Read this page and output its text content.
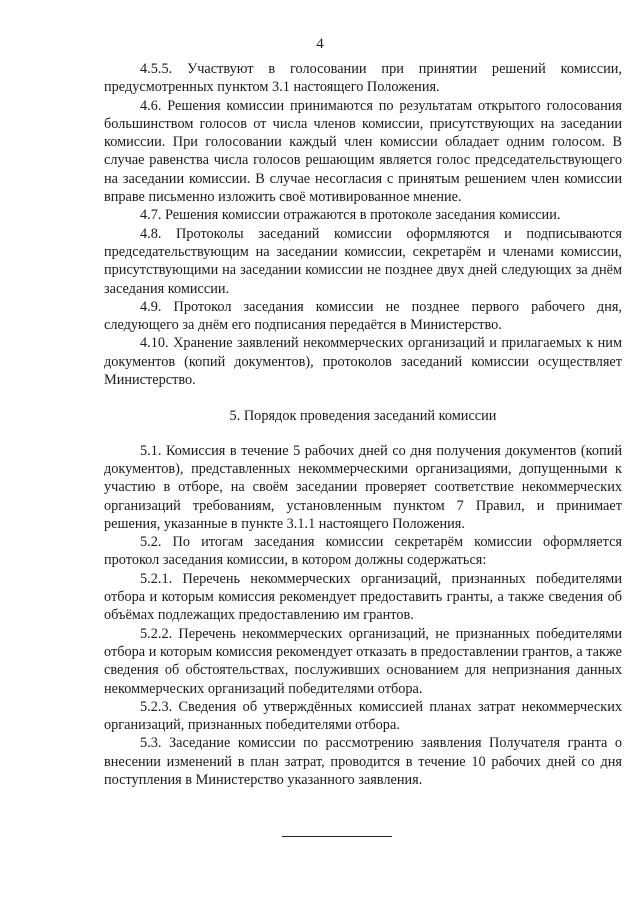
4

4.5.5. Участвуют в голосовании при принятии решений комиссии, предусмотренных пунктом 3.1 настоящего Положения.

4.6. Решения комиссии принимаются по результатам открытого голосования большинством голосов от числа членов комиссии, присутствующих на заседании комиссии. При голосовании каждый член комиссии обладает одним голосом. В случае равенства числа голосов решающим является голос председательствующего на заседании комиссии. В случае несогласия с принятым решением член комиссии вправе письменно изложить своё мотивированное мнение.

4.7. Решения комиссии отражаются в протоколе заседания комиссии.

4.8. Протоколы заседаний комиссии оформляются и подписываются председательствующим на заседании комиссии, секретарём и членами комиссии, присутствующими на заседании комиссии не позднее двух дней следующих за днём заседания комиссии.

4.9. Протокол заседания комиссии не позднее первого рабочего дня, следующего за днём его подписания передаётся в Министерство.

4.10. Хранение заявлений некоммерческих организаций и прилагаемых к ним документов (копий документов), протоколов заседаний комиссии осуществляет Министерство.

5. Порядок проведения заседаний комиссии

5.1. Комиссия в течение 5 рабочих дней со дня получения документов (копий документов), представленных некоммерческими организациями, допущенными к участию в отборе, на своём заседании проверяет соответствие некоммерческих организаций требованиям, установленным пунктом 7 Правил, и принимает решения, указанные в пункте 3.1.1 настоящего Положения.

5.2. По итогам заседания комиссии секретарём комиссии оформляется протокол заседания комиссии, в котором должны содержаться:

5.2.1. Перечень некоммерческих организаций, признанных победителями отбора и которым комиссия рекомендует предоставить гранты, а также сведения об объёмах подлежащих предоставлению им грантов.

5.2.2. Перечень некоммерческих организаций, не признанных победителями отбора и которым комиссия рекомендует отказать в предоставлении грантов, а также сведения об обстоятельствах, послуживших основанием для непризнания данных некоммерческих организаций победителями отбора.

5.2.3. Сведения об утверждённых комиссией планах затрат некоммерческих организаций, признанных победителями отбора.

5.3. Заседание комиссии по рассмотрению заявления Получателя гранта о внесении изменений в план затрат, проводится в течение 10 рабочих дней со дня поступления в Министерство указанного заявления.
